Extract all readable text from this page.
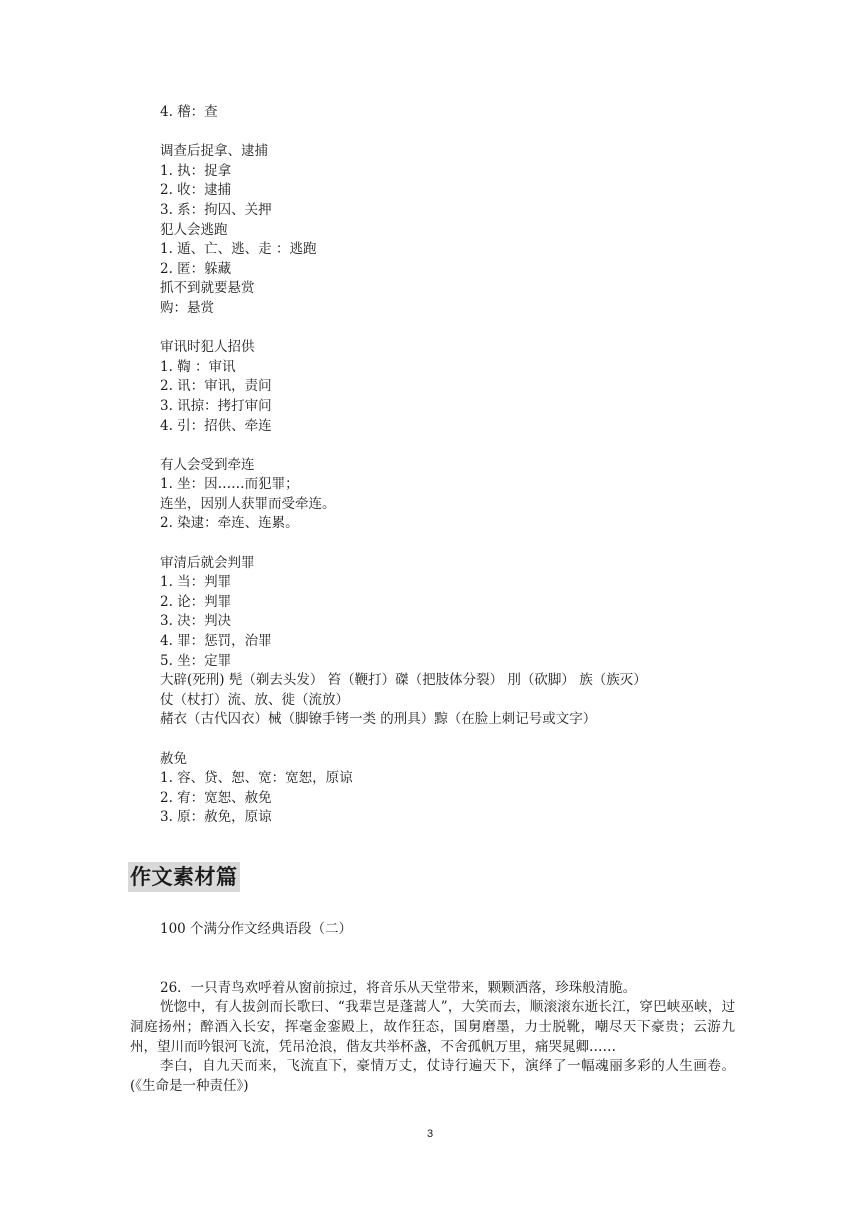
4. 稽：查
调查后捉拿、逮捕
1. 执：捉拿
2. 收：逮捕
3. 系：拘囚、关押
犯人会逃跑
1. 遁、亡、逃、走 ：逃跑
2. 匿：躲藏
抓不到就要悬赏
购：悬赏
审讯时犯人招供
1. 鞫 ：审讯
2. 讯：审讯，责问
3. 讯掠：拷打审问
4. 引：招供、牵连
有人会受到牵连
1. 坐：因……而犯罪；
连坐，因别人获罪而受牵连。
2. 染逮：牵连、连累。
审清后就会判罪
1. 当：判罪
2. 论：判罪
3. 决：判决
4. 罪：惩罚，治罪
5. 坐：定罪
大辟(死刑) 髡（剃去头发） 笞（鞭打）磔（把肢体分裂） 刖（砍脚） 族（族灭）
仗（杖打）流、放、徙（流放）
赭衣（古代囚衣）械（脚镣手铐一类 的刑具）黥（在脸上刺记号或文字）
赦免
1. 容、贷、恕、宽：宽恕，原谅
2. 宥：宽恕、赦免
3. 原：赦免，原谅
作文素材篇
100 个满分作文经典语段（二）

26．一只青鸟欢呼着从窗前掠过，将音乐从天堂带来，颗颗洒落，珍珠般清脆。

恍惚中，有人拔剑而长歌曰、“我辈岂是蓬蒿人”，大笑而去，顺滚滚东逝长江，穿巴峡巫峡，过洞庭扬州；醉酒入长安，挥毫金銮殿上，故作狂态，国舅磨墨，力士脱靴，嘲尽天下豪贵；云游九州，望川而吟银河飞流，凭吊沧浪，偕友共举杯盏，不舍孤帆万里，痛哭晁卿……

李白，自九天而来，飞流直下，豪情万丈，仗诗行遍天下，演绎了一幅魂丽多彩的人生画卷。(《生命是一种责任》)

3
